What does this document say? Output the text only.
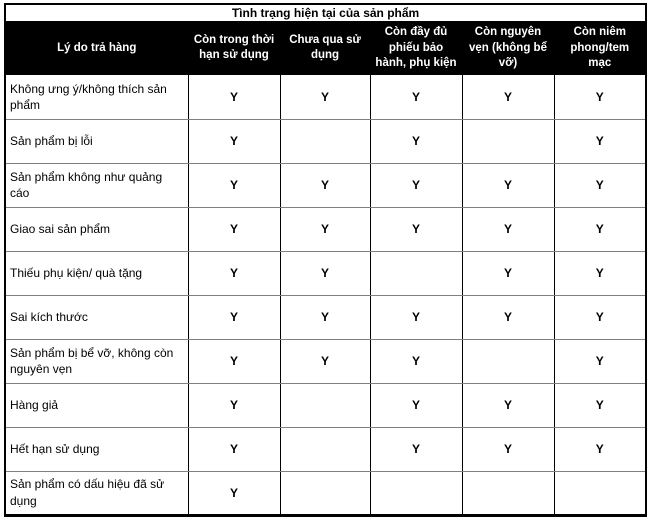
Tình trạng hiện tại của sản phẩm					
Lý do trả hàng	Còn trong thời hạn sử dụng	Chưa qua sử dụng	Còn đầy đủ phiếu bảo hành, phụ kiện	Còn nguyên vẹn (không bể vỡ)	Còn niêm phong/tem mạc
Không ưng ý/không thích sản phẩm	Y	Y	Y	Y	Y
Sản phẩm bị lỗi	Y		Y		Y
Sản phẩm không như quảng cáo	Y	Y	Y	Y	Y
Giao sai sản phẩm	Y	Y	Y	Y	Y
Thiếu phụ kiện/ quà tặng	Y	Y		Y	Y
Sai kích thước	Y	Y	Y	Y	Y
Sản phẩm bị bể vỡ, không còn nguyên vẹn	Y	Y	Y		Y
Hàng giả	Y		Y	Y	Y
Hết hạn sử dụng	Y		Y	Y	Y
Sản phẩm có dấu hiệu đã sử dụng	Y				
